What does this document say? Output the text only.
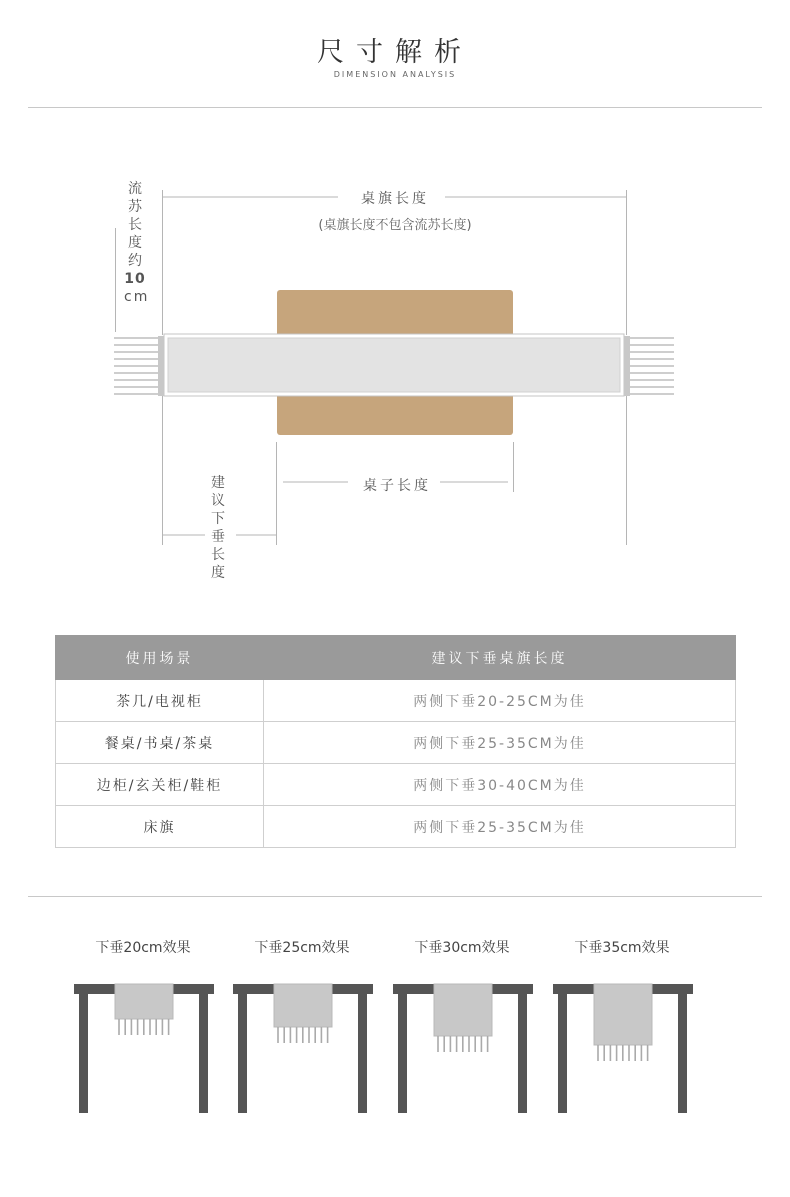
尺寸解析
DIMENSION ANALYSIS
桌旗长度
(桌旗长度不包含流苏长度)
流
苏
长
度
约
10
cm
桌子长度
建
议
下
垂
长
度
使用场景	建议下垂桌旗长度
茶几/电视柜	两侧下垂20-25CM为佳
餐桌/书桌/茶桌	两侧下垂25-35CM为佳
边柜/玄关柜/鞋柜	两侧下垂30-40CM为佳
床旗	两侧下垂25-35CM为佳
下垂20cm效果	下垂25cm效果	下垂30cm效果	下垂35cm效果
